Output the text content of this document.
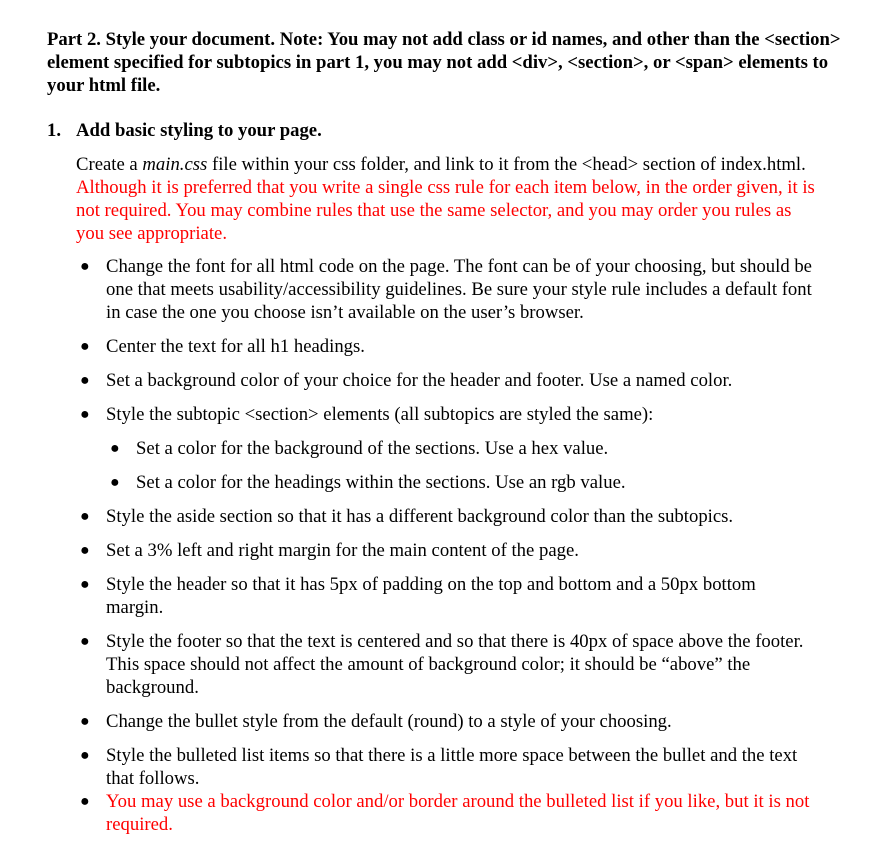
Part 2. Style your document. Note: You may not add class or id names, and other than the <section> element specified for subtopics in part 1, you may not add <div>, <section>, or <span> elements to your html file.

1. Add basic styling to your page.

Create a main.css file within your css folder, and link to it from the <head> section of index.html. Although it is preferred that you write a single css rule for each item below, in the order given, it is not required. You may combine rules that use the same selector, and you may order you rules as you see appropriate.

● Change the font for all html code on the page. The font can be of your choosing, but should be one that meets usability/accessibility guidelines. Be sure your style rule includes a default font in case the one you choose isn’t available on the user’s browser.
● Center the text for all h1 headings.
● Set a background color of your choice for the header and footer. Use a named color.
● Style the subtopic <section> elements (all subtopics are styled the same):
● Set a color for the background of the sections. Use a hex value.
● Set a color for the headings within the sections. Use an rgb value.
● Style the aside section so that it has a different background color than the subtopics.
● Set a 3% left and right margin for the main content of the page.
● Style the header so that it has 5px of padding on the top and bottom and a 50px bottom margin.
● Style the footer so that the text is centered and so that there is 40px of space above the footer. This space should not affect the amount of background color; it should be “above” the background.
● Change the bullet style from the default (round) to a style of your choosing.
● Style the bulleted list items so that there is a little more space between the bullet and the text that follows.
● You may use a background color and/or border around the bulleted list if you like, but it is not required.
